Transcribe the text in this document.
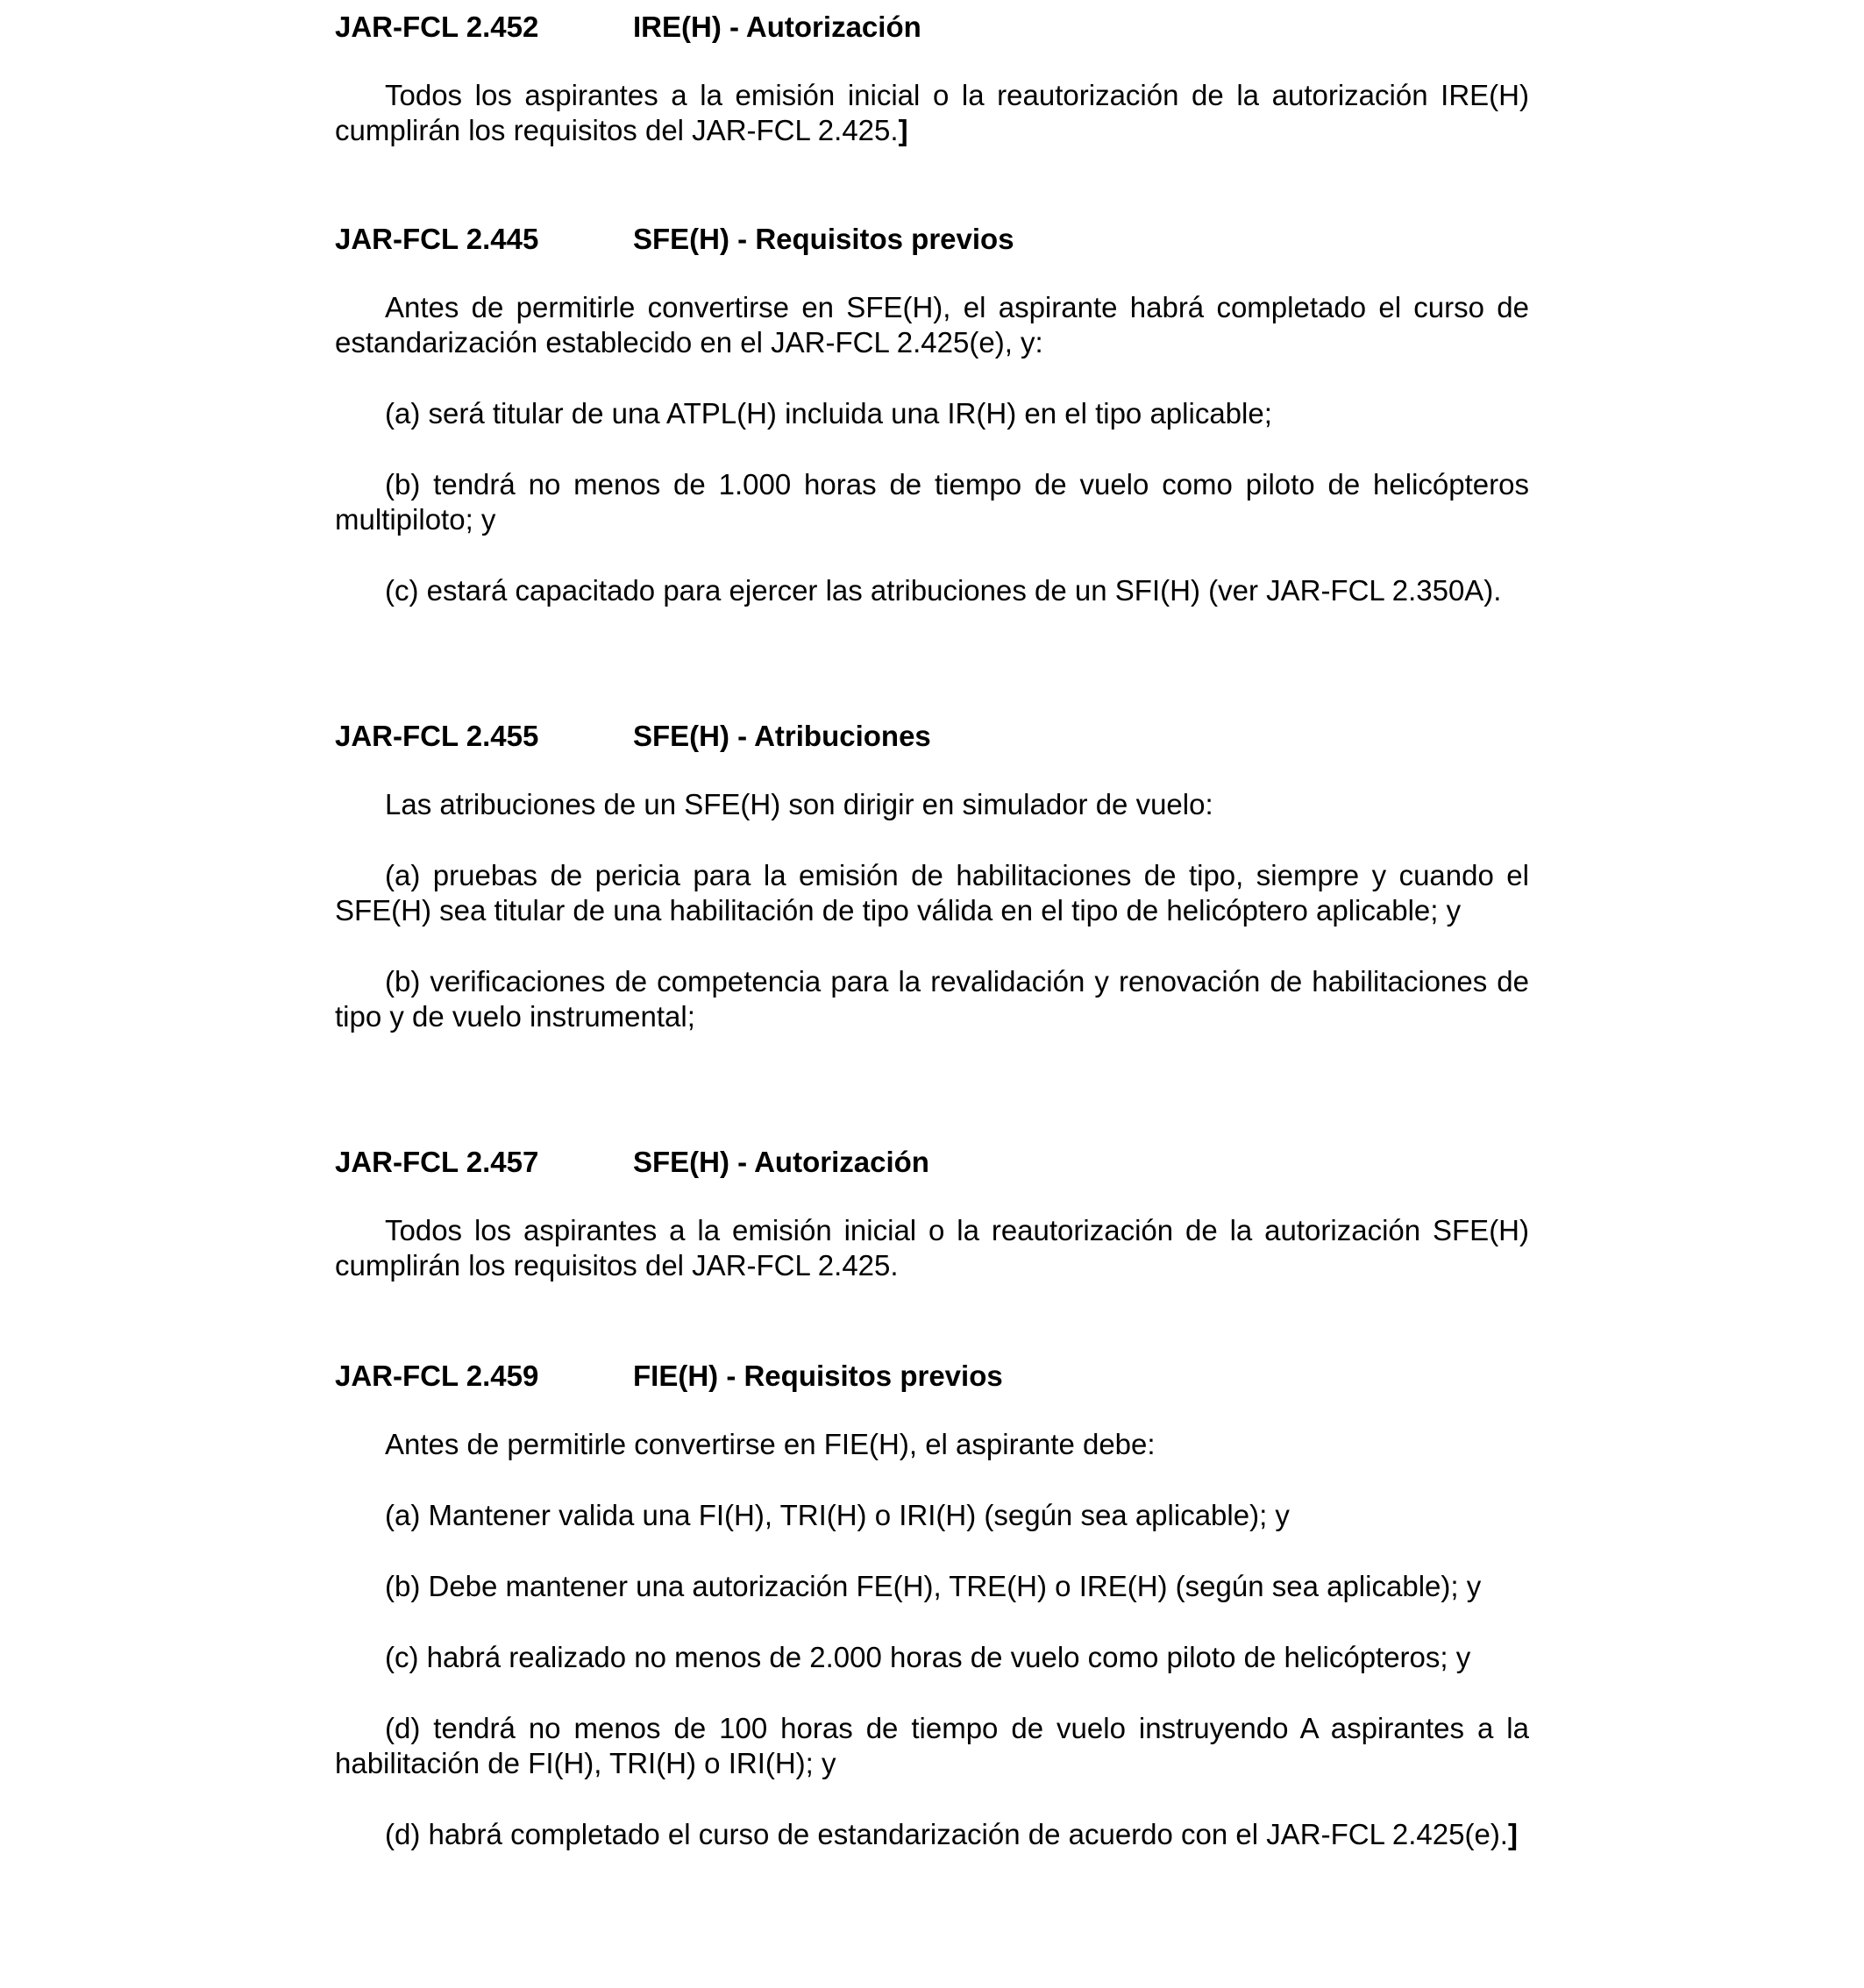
JAR-FCL 2.452	IRE(H) - Autorización

Todos los aspirantes a la emisión inicial o la reautorización de la autorización IRE(H) cumplirán los requisitos del JAR-FCL 2.425.]

JAR-FCL 2.445	SFE(H) - Requisitos previos

Antes de permitirle convertirse en SFE(H), el aspirante habrá completado el curso de estandarización establecido en el JAR-FCL 2.425(e), y:

(a) será titular de una ATPL(H) incluida una IR(H) en el tipo aplicable;

(b) tendrá no menos de 1.000 horas de tiempo de vuelo como piloto de helicópteros multipiloto; y

(c) estará capacitado para ejercer las atribuciones de un SFI(H) (ver JAR-FCL 2.350A).

JAR-FCL 2.455	SFE(H) - Atribuciones

Las atribuciones de un SFE(H) son dirigir en simulador de vuelo:

(a) pruebas de pericia para la emisión de habilitaciones de tipo, siempre y cuando el SFE(H) sea titular de una habilitación de tipo válida en el tipo de helicóptero aplicable; y

(b) verificaciones de competencia para la revalidación y renovación de habilitaciones de tipo y de vuelo instrumental;

JAR-FCL 2.457	SFE(H) - Autorización

Todos los aspirantes a la emisión inicial o la reautorización de la autorización SFE(H) cumplirán los requisitos del JAR-FCL 2.425.

JAR-FCL 2.459	FIE(H) - Requisitos previos

Antes de permitirle convertirse en FIE(H), el aspirante debe:

(a) Mantener valida una FI(H), TRI(H) o IRI(H) (según sea aplicable); y

(b) Debe mantener una autorización FE(H), TRE(H) o IRE(H) (según sea aplicable); y

(c) habrá realizado no menos de 2.000 horas de vuelo como piloto de helicópteros; y

(d) tendrá no menos de 100 horas de tiempo de vuelo instruyendo A aspirantes a la habilitación de FI(H), TRI(H) o IRI(H); y

(d) habrá completado el curso de estandarización de acuerdo con el JAR-FCL 2.425(e).]
